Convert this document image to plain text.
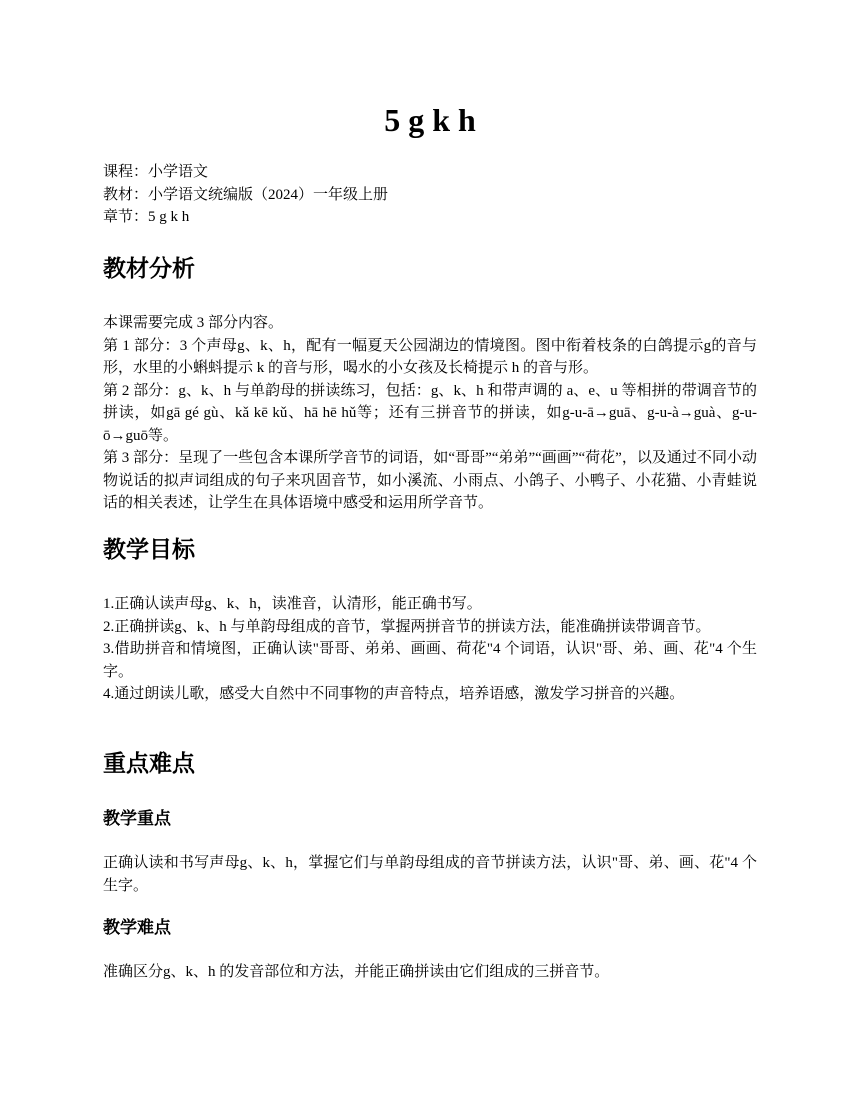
5 g k h
课程：小学语文
教材：小学语文统编版（2024）一年级上册
章节：5 g k h
教材分析

本课需要完成 3 部分内容。

第 1 部分：3 个声母g、k、h，配有一幅夏天公园湖边的情境图。图中衔着枝条的白鸽提示g的音与形，水里的小蝌蚪提示 k 的音与形，喝水的小女孩及长椅提示 h 的音与形。

第 2 部分：g、k、h 与单韵母的拼读练习，包括：g、k、h 和带声调的 a、e、u 等相拼的带调音节的拼读，如gā gé gù、kǎ kē kǔ、hā hē hǔ等；还有三拼音节的拼读，如g-u-ā→guā、g-u-à→guà、g-u-ō→guō等。

第 3 部分：呈现了一些包含本课所学音节的词语，如“哥哥”“弟弟”“画画”“荷花”，以及通过不同小动物说话的拟声词组成的句子来巩固音节，如小溪流、小雨点、小鸽子、小鸭子、小花猫、小青蛙说话的相关表述，让学生在具体语境中感受和运用所学音节。

教学目标

1.正确认读声母g、k、h，读准音，认清形，能正确书写。

2.正确拼读g、k、h 与单韵母组成的音节，掌握两拼音节的拼读方法，能准确拼读带调音节。

3.借助拼音和情境图，正确认读"哥哥、弟弟、画画、荷花"4 个词语，认识"哥、弟、画、花"4 个生字。

4.通过朗读儿歌，感受大自然中不同事物的声音特点，培养语感，激发学习拼音的兴趣。

重点难点
教学重点
正确认读和书写声母g、k、h，掌握它们与单韵母组成的音节拼读方法，认识"哥、弟、画、花"4 个生字。
教学难点
准确区分g、k、h 的发音部位和方法，并能正确拼读由它们组成的三拼音节。
